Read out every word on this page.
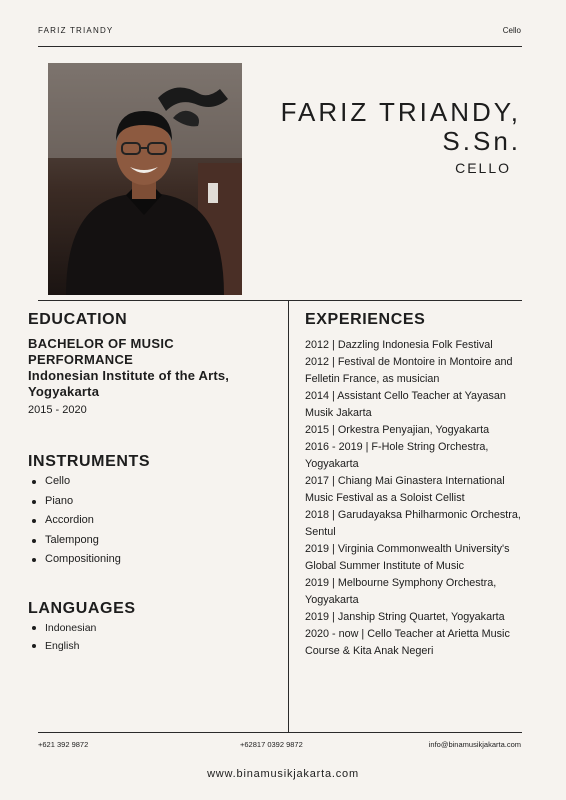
FARIZ TRIANDY	Cello
FARIZ TRIANDY,
S.Sn.
CELLO
EDUCATION
BACHELOR OF MUSIC
PERFORMANCE
Indonesian Institute of the Arts,
Yogyakarta
2015 - 2020
INSTRUMENTS
Cello
Piano
Accordion
Talempong
Compositioning
LANGUAGES
Indonesian
English
EXPERIENCES
2012 | Dazzling Indonesia Folk Festival
2012 | Festival de Montoire in Montoire and
Felletin France, as musician
2014 | Assistant Cello Teacher at Yayasan
Musik Jakarta
2015 | Orkestra Penyajian, Yogyakarta
2016 - 2019 | F-Hole String Orchestra,
Yogyakarta
2017 | Chiang Mai Ginastera International
Music Festival as a Soloist Cellist
2018 | Garudayaksa Philharmonic Orchestra,
Sentul
2019 | Virginia Commonwealth University's
Global Summer Institute of Music
2019 | Melbourne Symphony Orchestra,
Yogyakarta
2019 | Janship String Quartet, Yogyakarta
2020 - now | Cello Teacher at Arietta Music
Course & Kita Anak Negeri
+621 392 9872	+62817 0392 9872	info@binamusikjakarta.com
www.binamusikjakarta.com
